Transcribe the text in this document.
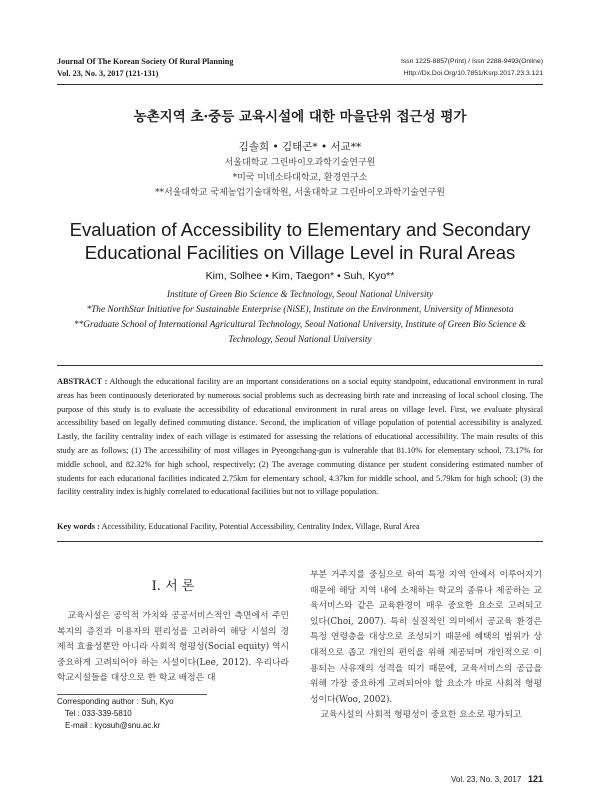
Journal Of The Korean Society Of Rural Planning
Vol. 23, No. 3, 2017 (121-131)
Issn 1225-8857(Print) / Issn 2288-9493(Online)
Http://Dx.Doi.Org/10.7851/Ksrp.2017.23.3.121
농촌지역 초·중등 교육시설에 대한 마을단위 접근성 평가
김솔희 • 김태곤* • 서교**
서울대학교 그린바이오과학기술연구원
*미국 미네소타대학교, 환경연구소
**서울대학교 국제농업기술대학원, 서울대학교 그린바이오과학기술연구원
Evaluation of Accessibility to Elementary and Secondary
Educational Facilities on Village Level in Rural Areas
Kim, Solhee • Kim, Taegon* • Suh, Kyo**
Institute of Green Bio Science & Technology, Seoul National University
*The NorthStar Initiative for Sustainable Enterprise (NiSE), Institute on the Environment, University of Minnesota
**Graduate School of International Agricultural Technology, Seoul National University, Institute of Green Bio Science & Technology, Seoul National University
ABSTRACT : Although the educational facility are an important considerations on a social equity standpoint, educational environment in rural areas has been continuously deteriorated by numerous social problems such as decreasing birth rate and increasing of local school closing. The purpose of this study is to evaluate the accessibility of educational environment in rural areas on village level. First, we evaluate physical accessibility based on legally defined commuting distance. Second, the implication of village population of potential accessibility is analyzed. Lastly, the facility centrality index of each village is estimated for assessing the relations of educational accessibility. The main results of this study are as follows; (1) The accessibility of most villages in Pyeongchang-gun is vulnerable that 81.10% for elementary school, 73.17% for middle school, and 82.32% for high school, respectively; (2) The average commuting distance per student considering estimated number of students for each educational facilities indicated 2.75km for elementary school, 4.37km for middle school, and 5.79km for high school; (3) the facility centrality index is highly correlated to educational facilities but not to village population.
Key words : Accessibility, Educational Facility, Potential Accessibility, Centrality Index, Village, Rural Area
I. 서 론
교육시설은 공익적 가치와 공공서비스적인 측면에서 주민 복지의 증진과 이용자의 편리성을 고려하여 해당 시설의 경제적 효율성뿐만 아니라 사회적 형평성(Social equity) 역시 중요하게 고려되어야 하는 시설이다(Lee, 2012). 우리나라 학교시설들을 대상으로 한 학교 배정은 대
부분 거주지를 중심으로 하여 특정 지역 안에서 이루어지기 때문에 해당 지역 내에 소재하는 학교의 종류나 제공하는 교육서비스와 같은 교육환경이 매우 중요한 요소로 고려되고 있다(Choi, 2007). 특히 실질적인 의미에서 공교육 환경은 특정 연령층을 대상으로 조성되기 때문에 혜택의 범위가 상대적으로 좁고 개인의 편익을 위해 제공되며 개인적으로 이용되는 사유재의 성격을 띠기 때문에, 교육서비스의 공급을 위해 가장 중요하게 고려되어야 할 요소가 바로 사회적 형평성이다(Woo, 2002).
교육시설의 사회적 형평성이 중요한 요소로 평가되고
Corresponding author : Suh, Kyo
Tel : 033-339-5810
E-mail : kyosuh@snu.ac.kr
Vol. 23, No. 3, 2017 121
